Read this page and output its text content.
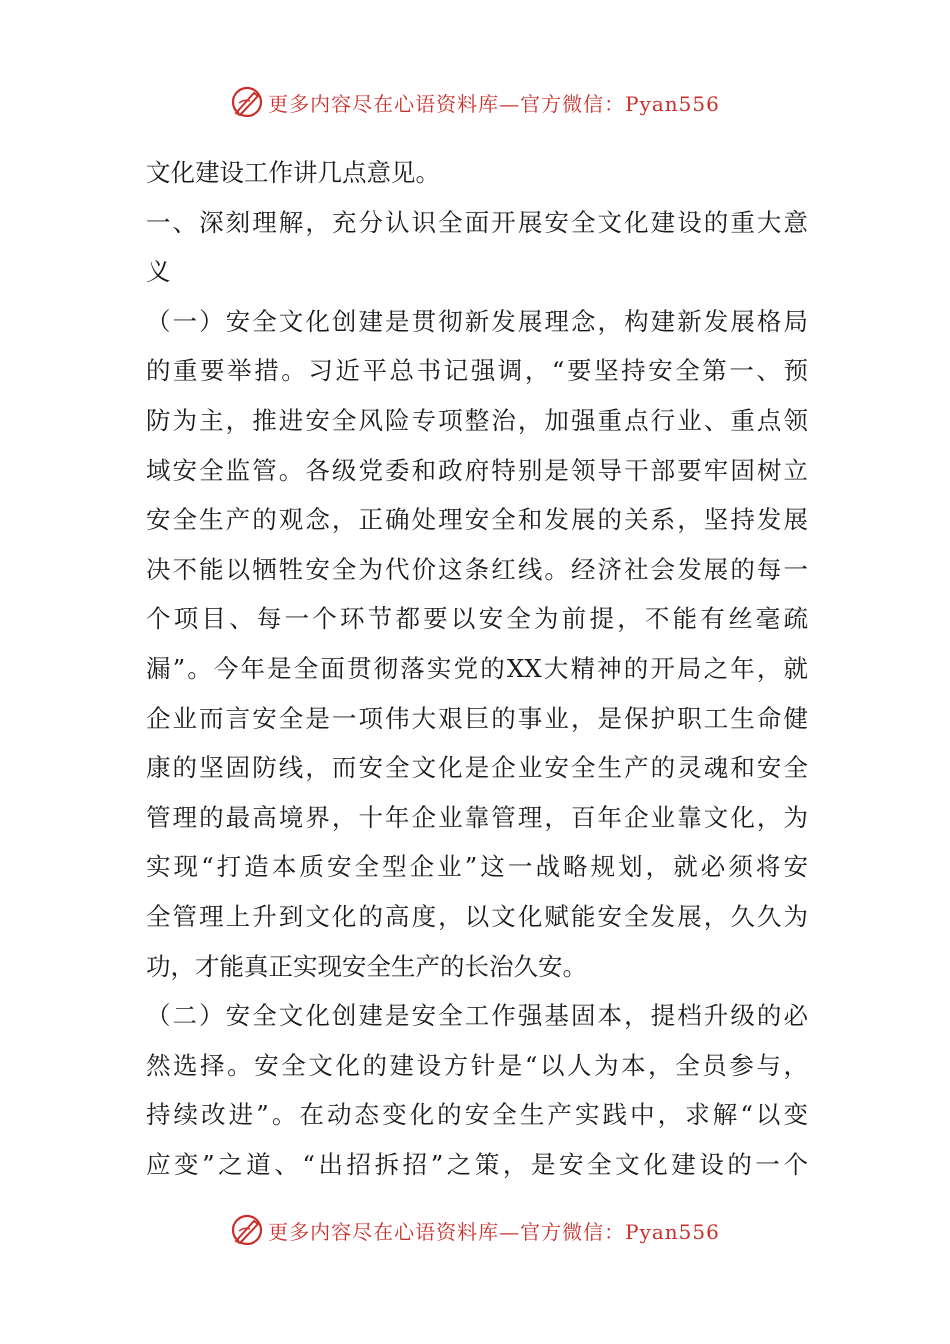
更多内容尽在心语资料库—官方微信：Pyan556
文化建设工作讲几点意见。
一、深刻理解，充分认识全面开展安全文化建设的重大意
义
（一）安全文化创建是贯彻新发展理念，构建新发展格局
的重要举措。习近平总书记强调，“要坚持安全第一、预
防为主，推进安全风险专项整治，加强重点行业、重点领
域安全监管。各级党委和政府特别是领导干部要牢固树立
安全生产的观念，正确处理安全和发展的关系，坚持发展
决不能以牺牲安全为代价这条红线。经济社会发展的每一
个项目、每一个环节都要以安全为前提，不能有丝毫疏
漏”。今年是全面贯彻落实党的XX大精神的开局之年，就
企业而言安全是一项伟大艰巨的事业，是保护职工生命健
康的坚固防线，而安全文化是企业安全生产的灵魂和安全
管理的最高境界，十年企业靠管理，百年企业靠文化，为
实现“打造本质安全型企业”这一战略规划，就必须将安
全管理上升到文化的高度，以文化赋能安全发展，久久为
功，才能真正实现安全生产的长治久安。
（二）安全文化创建是安全工作强基固本，提档升级的必
然选择。安全文化的建设方针是“以人为本，全员参与，
持续改进”。在动态变化的安全生产实践中，求解“以变
应变”之道、“出招拆招”之策，是安全文化建设的一个
更多内容尽在心语资料库—官方微信：Pyan556
